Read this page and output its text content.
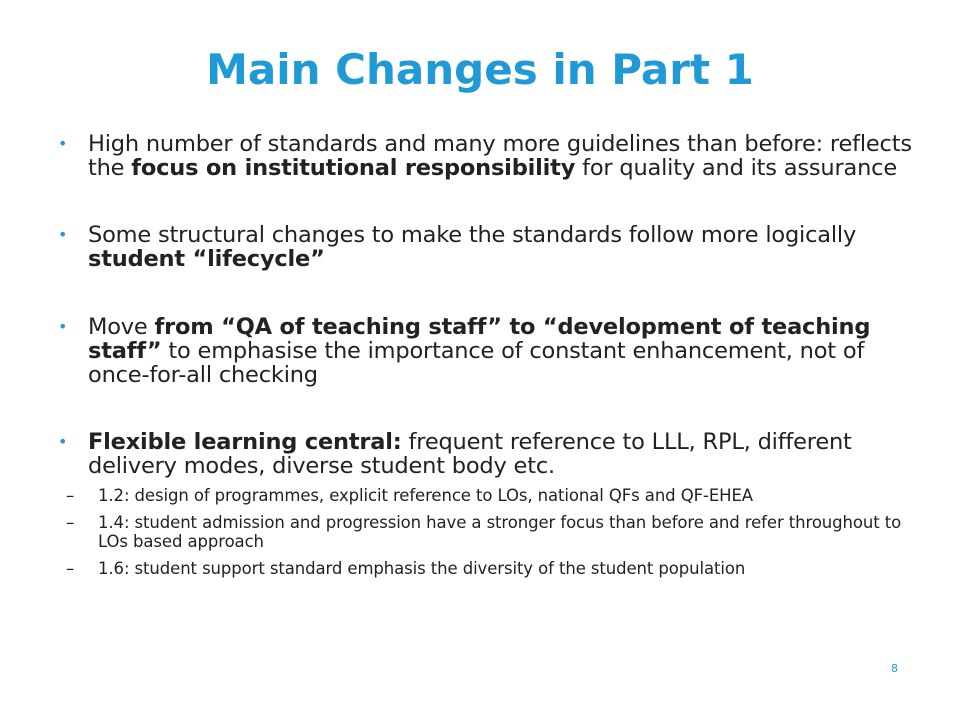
Main Changes in Part 1
• High number of standards and many more guidelines than before: reflects the focus on institutional responsibility for quality and its assurance
• Some structural changes to make the standards follow more logically student “lifecycle”
• Move from “QA of teaching staff” to “development of teaching staff” to emphasise the importance of constant enhancement, not of once-for-all checking
• Flexible learning central: frequent reference to LLL, RPL, different delivery modes, diverse student body etc.
– 1.2: design of programmes, explicit reference to LOs, national QFs and QF-EHEA
– 1.4: student admission and progression have a stronger focus than before and refer throughout to LOs based approach
– 1.6: student support standard emphasis the diversity of the student population
8
